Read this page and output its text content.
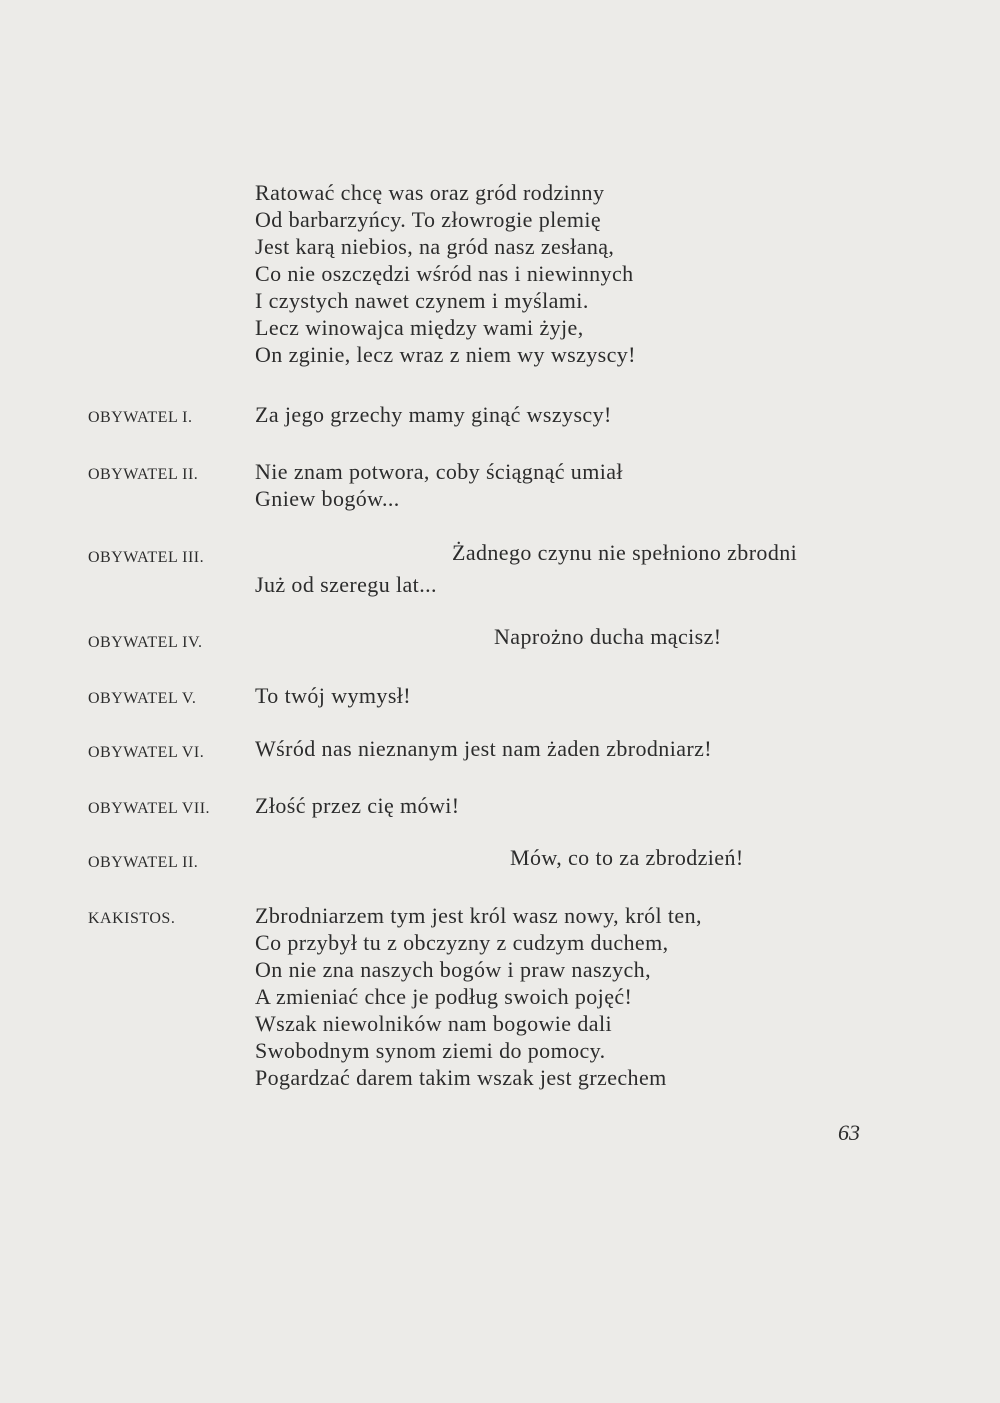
Ratować chcę was oraz gród rodzinny
Od barbarzyńcy. To złowrogie plemię
Jest karą niebios, na gród nasz zesłaną,
Co nie oszczędzi wśród nas i niewinnych
I czystych nawet czynem i myślami.
Lecz winowajca między wami żyje,
On zginie, lecz wraz z niem wy wszyscy!
OBYWATEL I.	Za jego grzechy mamy ginąć wszyscy!
OBYWATEL II.	Nie znam potwora, coby ściągnąć umiał
Gniew bogów...
OBYWATEL III.	Żadnego czynu nie spełniono zbrodni
Już od szeregu lat...
OBYWATEL IV.	Naprożno ducha mącisz!
OBYWATEL V.	To twój wymysł!
OBYWATEL VI. Wśród nas nieznanym jest nam żaden zbrodniarz!
OBYWATEL VII. Złość przez cię mówi!
OBYWATEL II.	Mów, co to za zbrodzień!
KAKISTOS.	Zbrodniarzem tym jest król wasz nowy, król ten,
Co przybył tu z obczyzny z cudzym duchem,
On nie zna naszych bogów i praw naszych,
A zmieniać chce je podług swoich pojęć!
Wszak niewolników nam bogowie dali
Swobodnym synom ziemi do pomocy.
Pogardzać darem takim wszak jest grzechem
63
